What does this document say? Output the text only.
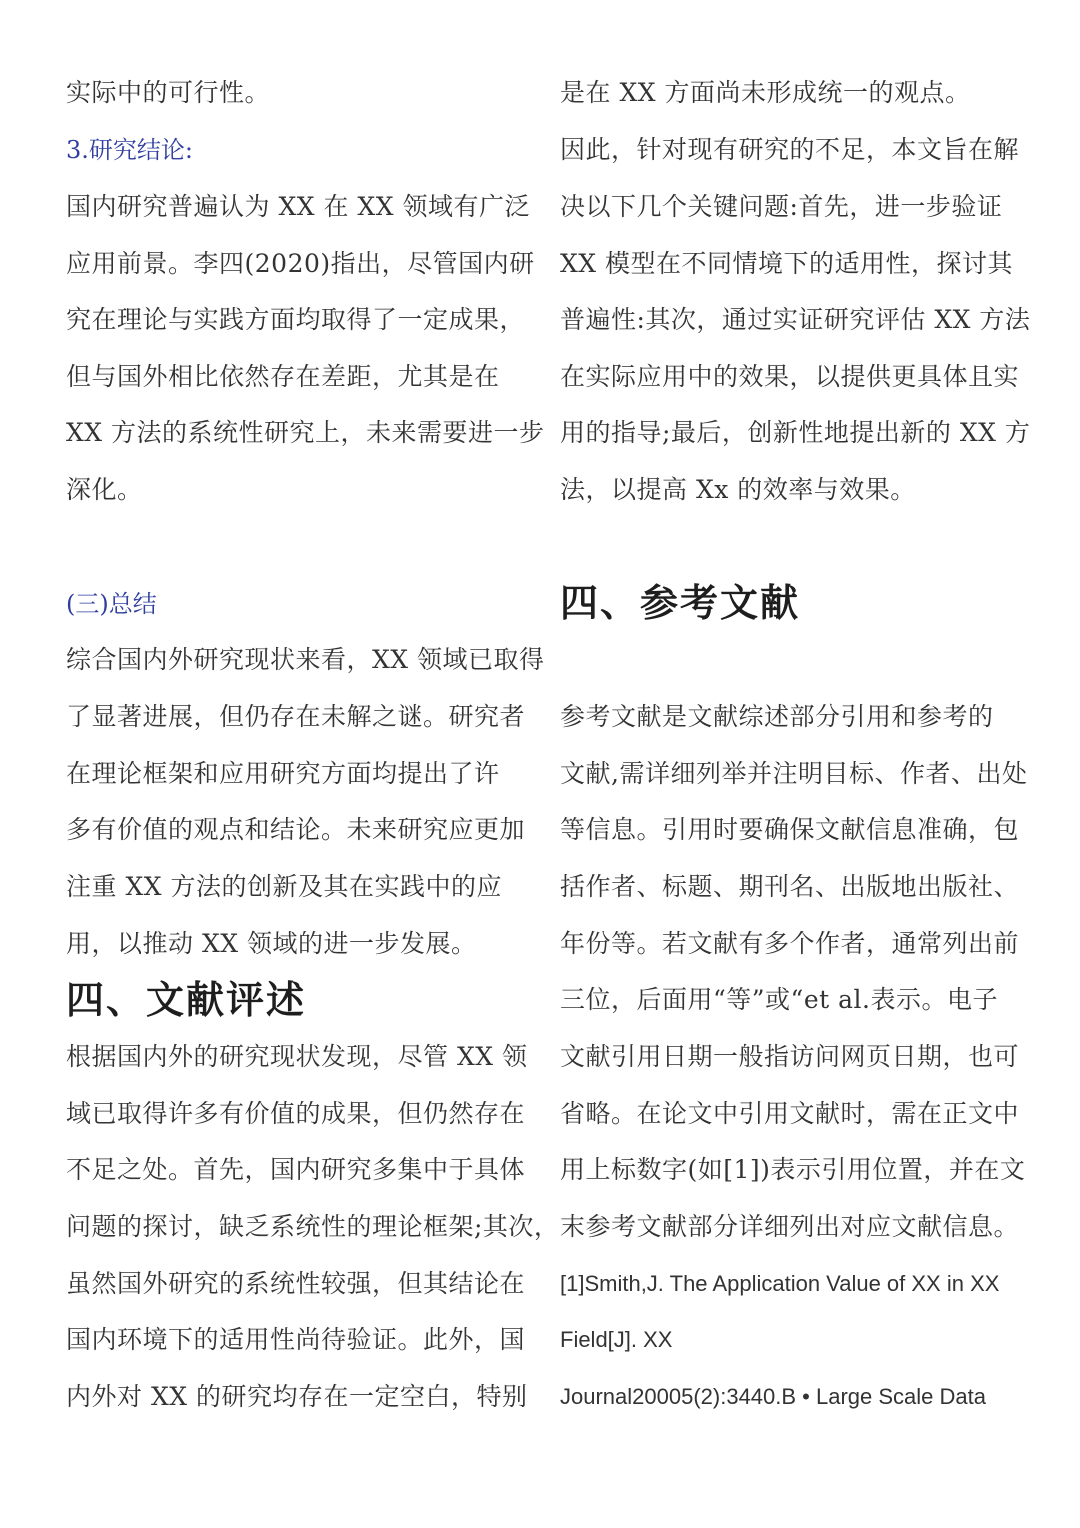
实际中的可行性。
3.研究结论:
国内研究普遍认为 XX 在 XX 领域有广泛
应用前景。李四(2020)指出，尽管国内研
究在理论与实践方面均取得了一定成果，
但与国外相比依然存在差距，尤其是在
XX 方法的系统性研究上，未来需要进一步
深化。
(三)总结
综合国内外研究现状来看，XX 领域已取得
了显著进展，但仍存在未解之谜。研究者
在理论框架和应用研究方面均提出了许
多有价值的观点和结论。未来研究应更加
注重 XX 方法的创新及其在实践中的应
用，以推动 XX 领域的进一步发展。
四、文献评述
根据国内外的研究现状发现，尽管 XX 领
域已取得许多有价值的成果，但仍然存在
不足之处。首先，国内研究多集中于具体
问题的探讨，缺乏系统性的理论框架;其次，
虽然国外研究的系统性较强，但其结论在
国内环境下的适用性尚待验证。此外，国
内外对 XX 的研究均存在一定空白，特别
是在 XX 方面尚未形成统一的观点。
因此，针对现有研究的不足，本文旨在解
决以下几个关键问题:首先，进一步验证
XX 模型在不同情境下的适用性，探讨其
普遍性:其次，通过实证研究评估 XX 方法
在实际应用中的效果，以提供更具体且实
用的指导;最后，创新性地提出新的 XX 方
法，以提高 Xx 的效率与效果。
四、参考文献
参考文献是文献综述部分引用和参考的
文献,需详细列举并注明目标、作者、出处
等信息。引用时要确保文献信息准确，包
括作者、标题、期刊名、出版地出版社、
年份等。若文献有多个作者，通常列出前
三位，后面用“等”或“et al.表示。电子
文献引用日期一般指访问网页日期，也可
省略。在论文中引用文献时，需在正文中
用上标数字(如[1])表示引用位置，并在文
末参考文献部分详细列出对应文献信息。
[1]Smith,J. The Application Value of XX in XX
Field[J]. XX
Journal20005(2):3440.B • Large Scale Data
